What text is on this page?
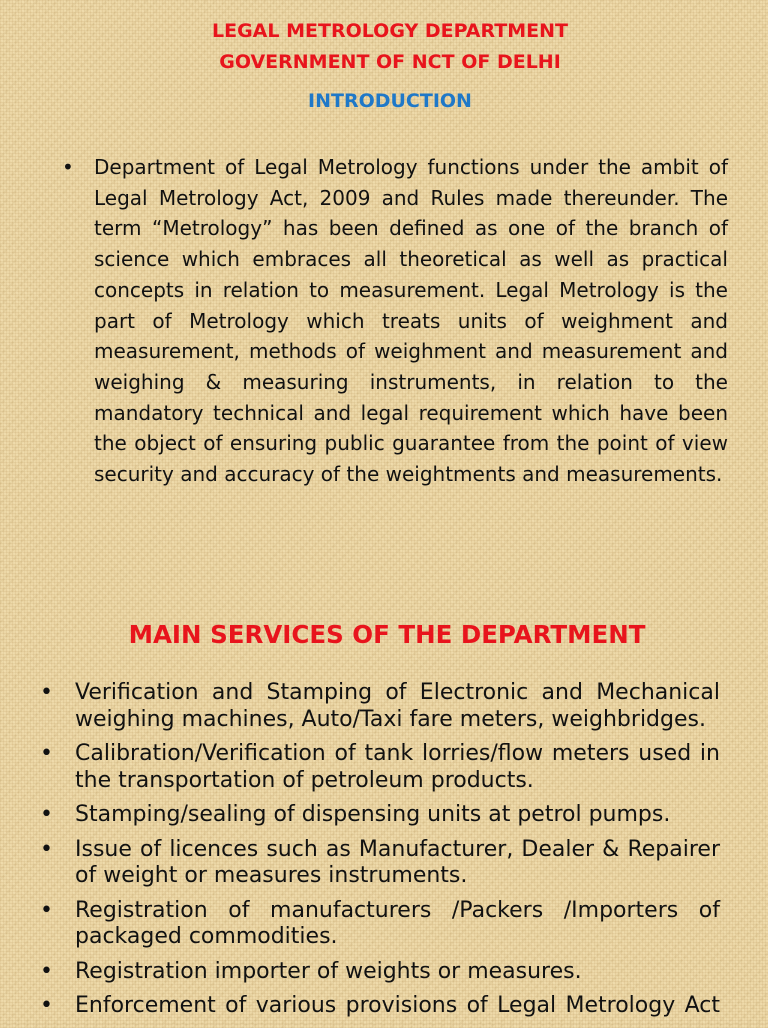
LEGAL METROLOGY DEPARTMENT
GOVERNMENT OF NCT OF DELHI
INTRODUCTION
• Department of Legal Metrology functions under the ambit of Legal Metrology Act, 2009 and Rules made thereunder. The term “Metrology” has been defined as one of the branch of science which embraces all theoretical as well as practical concepts in relation to measurement. Legal Metrology is the part of Metrology which treats units of weighment and measurement, methods of weighment and measurement and weighing & measuring instruments, in relation to the mandatory technical and legal requirement which have been the object of ensuring public guarantee from the point of view security and accuracy of the weightments and measurements.
MAIN SERVICES OF THE DEPARTMENT
• Verification and Stamping of Electronic and Mechanical weighing machines, Auto/Taxi fare meters, weighbridges.
• Calibration/Verification of tank lorries/flow meters used in the transportation of petroleum products.
• Stamping/sealing of dispensing units at petrol pumps.
• Issue of licences such as Manufacturer, Dealer & Repairer of weight or measures instruments.
• Registration of manufacturers /Packers /Importers of packaged commodities.
• Registration importer of weights or measures.
• Enforcement of various provisions of Legal Metrology Act
